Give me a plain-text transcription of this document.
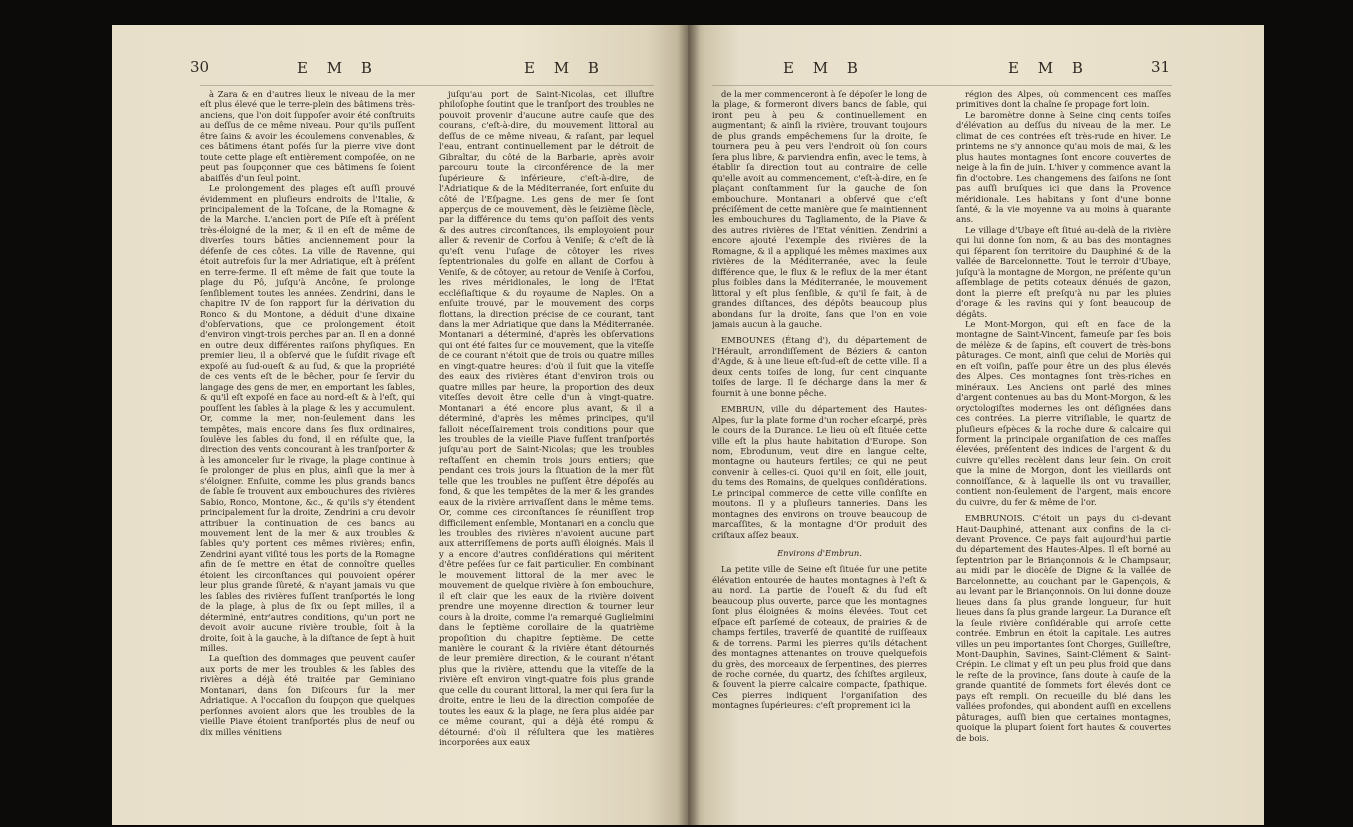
30	E M B	E M B

à Zara & en d'autres lieux le niveau de la mer eſt plus élevé que le terre-plein des bâtimens très-anciens, que l'on doit ſuppoſer avoir été conſtruits au deſſus de ce même niveau. Pour qu'ils puſſent être ſains & avoir les écoulemens convenables, & ces bâtimens étant poſés ſur la pierre vive dont toute cette plage eſt entièrement compoſée, on ne peut pas ſoupçonner que ces bâtimens ſe ſoient abaiſſés d'un ſeul point.

Le prolongement des plages eſt auſſi prouvé évidemment en pluſieurs endroits de l'Italie, & principalement de la Toſcane, de la Romagne & de la Marche. L'ancien port de Piſe eſt à préſent très-éloigné de la mer, & il en eſt de même de diverſes tours bâties anciennement pour la défenſe de ces côtes. La ville de Ravenne, qui étoit autrefois ſur la mer Adriatique, eſt à préſent en terre-ferme. Il eſt même de fait que toute la plage du Pô, juſqu'à Ancône, ſe prolonge ſenſiblement toutes les années. Zendrini, dans le chapitre IV de ſon rapport ſur la dérivation du Ronco & du Montone, a déduit d'une dixaine d'obſervations, que ce prolongement étoit d'environ vingt-trois perches par an. Il en a donné en outre deux différentes raiſons phyſiques. En premier lieu, il a obſervé que le ſuſdit rivage eſt expoſé au ſud-oueſt & au ſud, & que la propriété de ces vents eſt de le bêcher, pour ſe ſervir du langage des gens de mer, en emportant les ſables, & qu'il eſt expoſé en face au nord-eſt & à l'eſt, qui pouſſent les ſables à la plage & les y accumulent. Or, comme la mer, non-ſeulement dans les tempêtes, mais encore dans ſes flux ordinaires, ſoulève les ſables du fond, il en réſulte que, la direction des vents concourant à les tranſporter & à les amonceler ſur le rivage, la plage continue à ſe prolonger de plus en plus, ainſi que la mer à s'éloigner. Enſuite, comme les plus grands bancs de ſable ſe trouvent aux embouchures des rivières Sabio, Ronco, Montone, &c., & qu'ils s'y étendent principalement ſur la droite, Zendrini a cru devoir attribuer la continuation de ces bancs au mouvement lent de la mer & aux troubles & ſables qu'y portent ces mêmes rivières; enfin, Zendrini ayant viſité tous les ports de la Romagne afin de ſe mettre en état de connoître quelles étoient les circonſtances qui pouvoient opérer leur plus grande ſûreté, & n'ayant jamais vu que les ſables des rivières fuſſent tranſportés le long de la plage, à plus de ſix ou ſept milles, il a déterminé, entr'autres conditions, qu'un port ne devoit avoir aucune rivière trouble, ſoit à la droite, ſoit à la gauche, à la diſtance de ſept à huit milles.

La queſtion des dommages que peuvent cauſer aux ports de mer les troubles & les ſables des rivières a déjà été traitée par Geminiano Montanari, dans ſon Diſcours ſur la mer Adriatique. A l'occaſion du ſoupçon que quelques perſonnes avoient alors que les troubles de la vieille Piave étoient tranſportés plus de neuf ou dix milles vénitiens

juſqu'au port de Saint-Nicolas, cet illuſtre philoſophe ſoutint que le tranſport des troubles ne pouvoit provenir d'aucune autre cauſe que des courans, c'eſt-à-dire, du mouvement littoral au deſſus de ce même niveau, & raſant, par lequel l'eau, entrant continuellement par le détroit de Gibraltar, du côté de la Barbarie, après avoir parcouru toute la circonférence de la mer ſupérieure & inférieure, c'eſt-à-dire, de l'Adriatique & de la Méditerranée, ſort enſuite du côté de l'Eſpagne. Les gens de mer ſe ſont apperçus de ce mouvement, dès le ſeizième ſiècle, par la différence du tems qu'on paſſoit des vents & des autres circonſtances, ils employoient pour aller & revenir de Corfou à Veniſe; & c'eſt de là qu'eſt venu l'uſage de côtoyer les rives ſeptentrionales du golfe en allant de Corfou à Veniſe, & de côtoyer, au retour de Veniſe à Corfou, les rives méridionales, le long de l'Etat eccléſiaſtique & du royaume de Naples. On a enſuite trouvé, par le mouvement des corps flottans, la direction précise de ce courant, tant dans la mer Adriatique que dans la Méditerranée. Montanari a déterminé, d'après les obſervations qui ont été faites ſur ce mouvement, que la viteſſe de ce courant n'étoit que de trois ou quatre milles en vingt-quatre heures: d'où il ſuit que la viteſſe des eaux des rivières étant d'environ trois ou quatre milles par heure, la proportion des deux viteſſes devoit être celle d'un à vingt-quatre. Montanari a été encore plus avant, & il a déterminé, d'après les mêmes principes, qu'il falloit néceſſairement trois conditions pour que les troubles de la vieille Piave fuſſent tranſportés juſqu'au port de Saint-Nicolas; que les troubles reſtaſſent en chemin trois jours entiers; que pendant ces trois jours la ſituation de la mer fût telle que les troubles ne puſſent être dépoſés au fond, & que les tempêtes de la mer & les grandes eaux de la rivière arrivaſſent dans le même tems. Or, comme ces circonſtances ſe réuniſſent trop difficilement enſemble, Montanari en a conclu que les troubles des rivières n'avoient aucune part aux atterriſſemens de ports auſſi éloignés. Mais il y a encore d'autres conſidérations qui méritent d'être peſées ſur ce fait particulier. En combinant le mouvement littoral de la mer avec le mouvement de quelque rivière à ſon embouchure, il eſt clair que les eaux de la rivière doivent prendre une moyenne direction & tourner leur cours à la droite, comme l'a remarqué Guglielmini dans le ſeptième corollaire de la quatrième propoſition du chapitre ſeptième. De cette manière le courant & la rivière étant détournés de leur première direction, & le courant n'étant plus que la rivière, attendu que la viteſſe de la rivière eſt environ vingt-quatre fois plus grande que celle du courant littoral, la mer qui ſera ſur la droite, entre le lieu de la direction compoſée de toutes les eaux & la plage, ne ſera plus aidée par ce même courant, qui a déjà été rompu & détourné: d'où il réſultera que les matières incorporées aux eaux

E M B	E M B	31

de la mer commenceront à ſe dépoſer le long de la plage, & formeront divers bancs de ſable, qui iront peu à peu & continuellement en augmentant; & ainſi la rivière, trouvant toujours de plus grands empêchemens ſur la droite, ſe tournera peu à peu vers l'endroit où ſon cours ſera plus libre, & parviendra enfin, avec le tems, à établir ſa direction tout au contraire de celle qu'elle avoit au commencement, c'eſt-à-dire, en ſe plaçant conſtamment ſur la gauche de ſon embouchure. Montanari a obſervé que c'eſt préciſément de cette manière que ſe maintiennent les embouchures du Tagliamento, de la Piave & des autres rivières de l'Etat vénitien. Zendrini a encore ajouté l'exemple des rivières de la Romagne, & il a appliqué les mêmes maximes aux rivières de la Méditerranée, avec la ſeule différence que, le flux & le reflux de la mer étant plus foibles dans la Méditerranée, le mouvement littoral y eſt plus ſenſible, & qu'il ſe fait, à de grandes diſtances, des dépôts beaucoup plus abondans ſur la droite, ſans que l'on en voie jamais aucun à la gauche.

EMBOUNES (Étang d'), du département de l'Hérault, arrondiſſement de Béziers & canton d'Agde, & à une lieue eſt-ſud-eſt de cette ville. Il a deux cents toiſes de long, ſur cent cinquante toiſes de large. Il ſe décharge dans la mer & fournit à une bonne pêche.

EMBRUN, ville du département des Hautes-Alpes, ſur la plate forme d'un rocher eſcarpé, près le cours de la Durance. Le lieu où eſt ſituée cette ville eſt la plus haute habitation d'Europe. Son nom, Ebrodunum, veut dire en langue celte, montagne ou hauteurs fertiles; ce qui ne peut convenir à celles-ci. Quoi qu'il en ſoit, elle jouit, du tems des Romains, de quelques conſidérations. Le principal commerce de cette ville conſiſte en moutons. Il y a pluſieurs tanneries. Dans les montagnes des environs on trouve beaucoup de marcaſſites, & la montagne d'Or produit des criſtaux aſſez beaux.

Environs d'Embrun.

La petite ville de Seine eſt ſituée ſur une petite élévation entourée de hautes montagnes à l'eſt & au nord. La partie de l'oueſt & du ſud eſt beaucoup plus ouverte, parce que les montagnes ſont plus éloignées & moins élevées. Tout cet eſpace eſt parſemé de coteaux, de prairies & de champs fertiles, traverſé de quantité de ruiſſeaux & de torrens. Parmi les pierres qu'ils détachent des montagnes attenantes on trouve quelquefois du grès, des morceaux de ſerpentines, des pierres de roche cornée, du quartz, des ſchiſtes argileux, & ſouvent la pierre calcaire compacte, ſpathique. Ces pierres indiquent l'organiſation des montagnes ſupérieures: c'eſt proprement ici la

région des Alpes, où commencent ces maſſes primitives dont la chaîne ſe propage fort loin.

Le baromètre donne à Seine cinq cents toiſes d'élévation au deſſus du niveau de la mer. Le climat de ces contrées eſt très-rude en hiver. Le printems ne s'y annonce qu'au mois de mai, & les plus hautes montagnes ſont encore couvertes de neige à la fin de juin. L'hiver y commence avant la fin d'octobre. Les changemens des ſaiſons ne ſont pas auſſi bruſques ici que dans la Provence méridionale. Les habitans y ſont d'une bonne ſanté, & la vie moyenne va au moins à quarante ans.

Le village d'Ubaye eſt ſitué au-delà de la rivière qui lui donne ſon nom, & au bas des montagnes qui ſéparent ſon territoire du Dauphiné & de la vallée de Barcelonnette. Tout le terroir d'Ubaye, juſqu'à la montagne de Morgon, ne préſente qu'un aſſemblage de petits coteaux dénués de gazon, dont la pierre eſt preſqu'à nu par les pluies d'orage & les ravins qui y ſont beaucoup de dégâts.

Le Mont-Morgon, qui eſt en face de la montagne de Saint-Vincent, fameuſe par ſes bois de mélèze & de ſapins, eſt couvert de très-bons pâturages. Ce mont, ainſi que celui de Moriès qui en eſt voiſin, paſſe pour être un des plus élevés des Alpes. Ces montagnes ſont très-riches en minéraux. Les Anciens ont parlé des mines d'argent contenues au bas du Mont-Morgon, & les oryctologiſtes modernes les ont déſignées dans ces contrées. La pierre vitriſiable, le quartz de pluſieurs eſpèces & la roche dure & calcaire qui forment la principale organiſation de ces maſſes élevées, préſentent des indices de l'argent & du cuivre qu'elles recèlent dans leur ſein. On croit que la mine de Morgon, dont les vieillards ont connoiſſance, & à laquelle ils ont vu travailler, contient non-ſeulement de l'argent, mais encore du cuivre, du fer & même de l'or.

EMBRUNOIS. C'étoit un pays du ci-devant Haut-Dauphiné, attenant aux confins de la ci-devant Provence. Ce pays fait aujourd'hui partie du département des Hautes-Alpes. Il eſt borné au ſeptentrion par le Briançonnois & le Champsaur, au midi par le diocèſe de Digne & la vallée de Barcelonnette, au couchant par le Gapençois, & au levant par le Briançonnois. On lui donne douze lieues dans ſa plus grande longueur, ſur huit lieues dans ſa plus grande largeur. La Durance eſt la ſeule rivière conſidérable qui arroſe cette contrée. Embrun en étoit la capitale. Les autres villes un peu importantes ſont Chorges, Guilleſtre, Mont-Dauphin, Savines, Saint-Clément & Saint-Crépin. Le climat y eſt un peu plus froid que dans le reſte de la province, ſans doute à cauſe de la grande quantité de ſommets fort élevés dont ce pays eſt rempli. On recueille du blé dans les vallées profondes, qui abondent auſſi en excellens pâturages, auſſi bien que certaines montagnes, quoique la plupart ſoient fort hautes & couvertes de bois.
